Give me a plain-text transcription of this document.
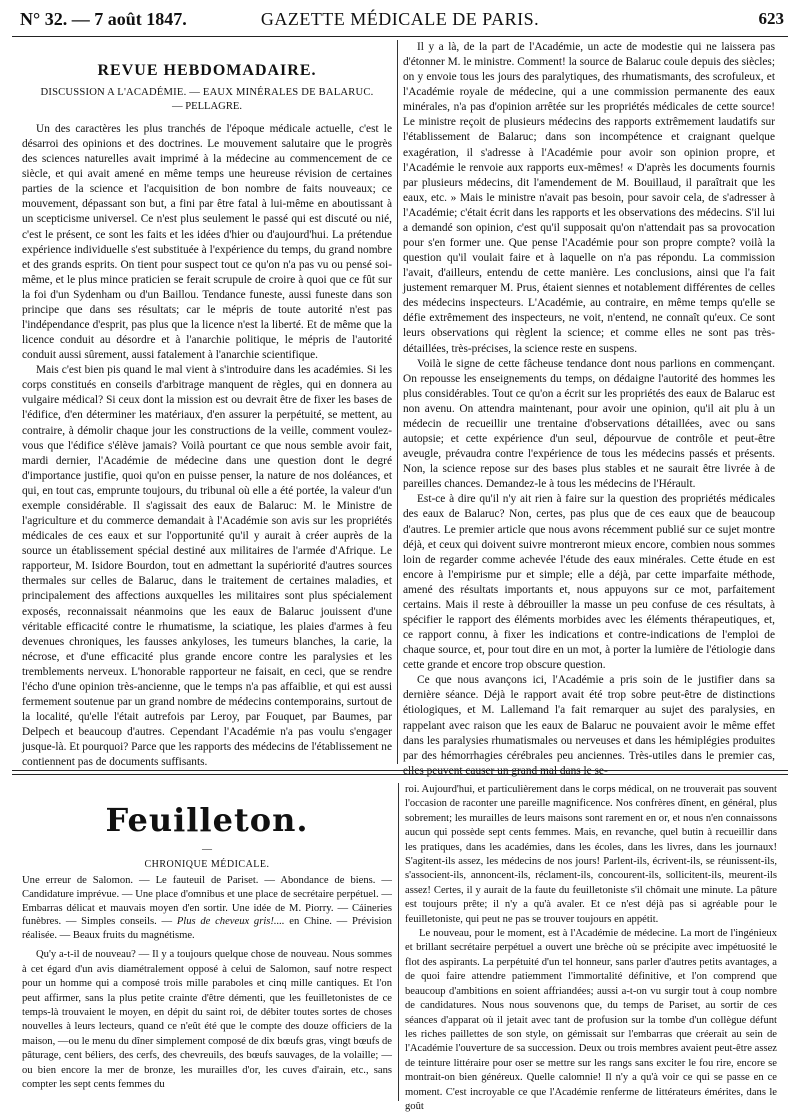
N° 32. — 7 août 1847.	GAZETTE MÉDICALE DE PARIS.	623
REVUE HEBDOMADAIRE.

DISCUSSION A L'ACADÉMIE. — EAUX MINÉRALES DE BALARUC.

— PELLAGRE.

Un des caractères les plus tranchés de l'époque médicale actuelle, c'est le désarroi des opinions et des doctrines. Le mouvement salutaire que le progrès des sciences naturelles avait imprimé à la médecine au commencement de ce siècle, et qui avait amené en même temps une heureuse révision de certaines parties de la science et l'acquisition de bon nombre de faits nouveaux; ce mouvement, dépassant son but, a fini par être fatal à lui-même en aboutissant à un scepticisme universel. Ce n'est plus seulement le passé qui est discuté ou nié, c'est le présent, ce sont les faits et les idées d'hier ou d'aujourd'hui. La prétendue expérience individuelle s'est substituée à l'expérience du temps, du grand nombre et des grands esprits. On tient pour suspect tout ce qu'on n'a pas vu ou pensé soi-même, et le plus mince praticien se ferait scrupule de croire à quoi que ce fût sur la foi d'un Sydenham ou d'un Baillou. Tendance funeste, aussi funeste dans son principe que dans ses résultats; car le mépris de toute autorité n'est pas l'indépendance d'esprit, pas plus que la licence n'est la liberté. Et de même que la licence conduit au désordre et à l'anarchie politique, le mépris de l'autorité conduit aussi sûrement, aussi fatalement à l'anarchie scientifique.

Mais c'est bien pis quand le mal vient à s'introduire dans les académies. Si les corps constitués en conseils d'arbitrage manquent de règles, qui en donnera au vulgaire médical? Si ceux dont la mission est ou devrait être de fixer les bases de l'édifice, d'en déterminer les matériaux, d'en assurer la perpétuité, se mettent, au contraire, à démolir chaque jour les constructions de la veille, comment voulez-vous que l'édifice s'élève jamais? Voilà pourtant ce que nous semble avoir fait, mardi dernier, l'Académie de médecine dans une question dont le degré d'importance justifie, quoi qu'on en puisse penser, la nature de nos doléances, et qui, en tout cas, emprunte toujours, du tribunal où elle a été portée, la valeur d'un exemple considérable. Il s'agissait des eaux de Balaruc: M. le Ministre de l'agriculture et du commerce demandait à l'Académie son avis sur les propriétés médicales de ces eaux et sur l'opportunité qu'il y aurait à créer auprès de la source un établissement spécial destiné aux militaires de l'armée d'Afrique. Le rapporteur, M. Isidore Bourdon, tout en admettant la supériorité d'autres sources thermales sur celles de Balaruc, dans le traitement de certaines maladies, et principalement des affections auxquelles les militaires sont plus spécialement exposés, reconnaissait néanmoins que les eaux de Balaruc jouissent d'une véritable efficacité contre le rhumatisme, la sciatique, les plaies d'armes à feu devenues chroniques, les fausses ankyloses, les tumeurs blanches, la carie, la nécrose, et d'une efficacité plus grande encore contre les paralysies et les tremblements nerveux. L'honorable rapporteur ne faisait, en ceci, que se rendre l'écho d'une opinion très-ancienne, que le temps n'a pas affaiblie, et qui est aussi fermement soutenue par un grand nombre de médecins contemporains, surtout de la localité, qu'elle l'était autrefois par Leroy, par Fouquet, par Baumes, par Delpech et beaucoup d'autres. Cependant l'Académie n'a pas voulu s'engager jusque-là. Et pourquoi? Parce que les rapports des médecins de l'établissement ne contiennent pas de documents suffisants.

Il y a là, de la part de l'Académie, un acte de modestie qui ne laissera pas d'étonner M. le ministre. Comment! la source de Balaruc coule depuis des siècles; on y envoie tous les jours des paralytiques, des rhumatismants, des scrofuleux, et l'Académie royale de médecine, qui a une commission permanente des eaux minérales, n'a pas d'opinion arrêtée sur les propriétés médicales de cette source! Le ministre reçoit de plusieurs médecins des rapports extrêmement laudatifs sur l'établissement de Balaruc; dans son incompétence et craignant quelque exagération, il s'adresse à l'Académie pour avoir son opinion propre, et l'Académie le renvoie aux rapports eux-mêmes! « D'après les documents fournis par plusieurs médecins, dit l'amendement de M. Bouillaud, il paraîtrait que les eaux, etc. » Mais le ministre n'avait pas besoin, pour savoir cela, de s'adresser à l'Académie; c'était écrit dans les rapports et les observations des médecins. S'il lui a demandé son opinion, c'est qu'il supposait qu'on n'attendait pas sa provocation pour s'en former une. Que pense l'Académie pour son propre compte? voilà la question qu'il voulait faire et à laquelle on n'a pas répondu. La commission l'avait, d'ailleurs, entendu de cette manière. Les conclusions, ainsi que l'a fait justement remarquer M. Prus, étaient siennes et notablement différentes de celles des médecins inspecteurs. L'Académie, au contraire, en même temps qu'elle se défie extrêmement des inspecteurs, ne voit, n'entend, ne connaît qu'eux. Ce sont leurs observations qui règlent la science; et comme elles ne sont pas très-détaillées, très-précises, la science reste en suspens.

Voilà le signe de cette fâcheuse tendance dont nous parlions en commençant. On repousse les enseignements du temps, on dédaigne l'autorité des hommes les plus considérables. Tout ce qu'on a écrit sur les propriétés des eaux de Balaruc est non avenu. On attendra maintenant, pour avoir une opinion, qu'il ait plu à un médecin de recueillir une trentaine d'observations détaillées, avec ou sans autopsie; et cette expérience d'un seul, dépourvue de contrôle et peut-être aveugle, prévaudra contre l'expérience de tous les médecins passés et présents. Non, la science repose sur des bases plus stables et ne saurait être livrée à de pareilles chances. Demandez-le à tous les médecins de l'Hérault.

Est-ce à dire qu'il n'y ait rien à faire sur la question des propriétés médicales des eaux de Balaruc? Non, certes, pas plus que de ces eaux que de beaucoup d'autres. Le premier article que nous avons récemment publié sur ce sujet montre déjà, et ceux qui doivent suivre montreront mieux encore, combien nous sommes loin de regarder comme achevée l'étude des eaux minérales. Cette étude en est encore à l'empirisme pur et simple; elle a déjà, par cette imparfaite méthode, amené des résultats importants et, nous appuyons sur ce mot, parfaitement certains. Mais il reste à débrouiller la masse un peu confuse de ces résultats, à spécifier le rapport des éléments morbides avec les éléments thérapeutiques, et, ce rapport connu, à fixer les indications et contre-indications de l'emploi de chaque source, et, pour tout dire en un mot, à porter la lumière de l'étiologie dans cette grande et encore trop obscure question.

Ce que nous avançons ici, l'Académie a pris soin de le justifier dans sa dernière séance. Déjà le rapport avait été trop sobre peut-être de distinctions étiologiques, et M. Lallemand l'a fait remarquer au sujet des paralysies, en rappelant avec raison que les eaux de Balaruc ne pouvaient avoir le même effet dans les paralysies rhumatismales ou nerveuses et dans les hémiplégies produites par des hémorrhagies cérébrales peu anciennes. Très-utiles dans le premier cas, elles peuvent causer un grand mal dans le se-

Feuilleton.
—
CHRONIQUE MÉDICALE.

Une erreur de Salomon. — Le fauteuil de Pariset. — Abondance de biens. — Candidature imprévue. — Une place d'omnibus et une place de secrétaire perpétuel. — Embarras délicat et mauvais moyen d'en sortir. Une idée de M. Piorry. — Cáineries funèbres. — Simples conseils. — Plus de cheveux gris!.... en Chine. — Prévision réalisée. — Beaux fruits du magnétisme.

Qu'y a-t-il de nouveau? — Il y a toujours quelque chose de nouveau. Nous sommes à cet égard d'un avis diamétralement opposé à celui de Salomon, sauf notre respect pour un homme qui a composé trois mille paraboles et cinq mille cantiques. Et l'on peut affirmer, sans la plus petite crainte d'être démenti, que les feuilletonistes de ce temps-là trouvaient le moyen, en dépit du saint roi, de débiter toutes sortes de choses nouvelles à leurs lecteurs, quand ce n'eût été que le compte des douze officiers de la maison, —ou le menu du dîner simplement composé de dix bœufs gras, vingt bœufs de pâturage, cent béliers, des cerfs, des chevreuils, des bœufs sauvages, de la volaille; — ou bien encore la mer de bronze, les murailles d'or, les cuves d'airain, etc., sans compter les sept cents femmes du

roi. Aujourd'hui, et particulièrement dans le corps médical, on ne trouverait pas souvent l'occasion de raconter une pareille magnificence. Nos confrères dînent, en général, plus sobrement; les murailles de leurs maisons sont rarement en or, et nous n'en connaissons aucun qui possède sept cents femmes. Mais, en revanche, quel butin à recueillir dans les pratiques, dans les académies, dans les écoles, dans les livres, dans les journaux! S'agitent-ils assez, les médecins de nos jours! Parlent-ils, écrivent-ils, se réunissent-ils, s'associent-ils, annoncent-ils, réclament-ils, concourent-ils, sollicitent-ils, meurent-ils assez! Certes, il y aurait de la faute du feuilletoniste s'il chômait une minute. La pâture est toujours prête; il n'y a qu'à avaler. Et ce n'est déjà pas si agréable pour le feuilletoniste, qui peut ne pas se trouver toujours en appétit.

Le nouveau, pour le moment, est à l'Académie de médecine. La mort de l'ingénieux et brillant secrétaire perpétuel a ouvert une brèche où se précipite avec impétuosité le flot des aspirants. La perpétuité d'un tel honneur, sans parler d'autres petits avantages, a de quoi faire attendre patiemment l'immortalité définitive, et l'on comprend que beaucoup d'ambitions en soient affriandées; aussi a-t-on vu surgir tout à coup nombre de candidatures. Nous nous souvenons que, du temps de Pariset, au sortir de ces séances d'apparat où il jetait avec tant de profusion sur la tombe d'un collègue défunt les riches paillettes de son style, on gémissait sur l'embarras que créerait au sein de l'Académie l'ouverture de sa succession. Deux ou trois membres avaient peut-être assez de teinture littéraire pour oser se mettre sur les rangs sans exciter le fou rire, encore se montrait-on bien généreux. Quelle calomnie! Il n'y a qu'à voir ce qui se passe en ce moment. C'est incroyable ce que l'Académie renferme de littérateurs émérites, dans le goût
